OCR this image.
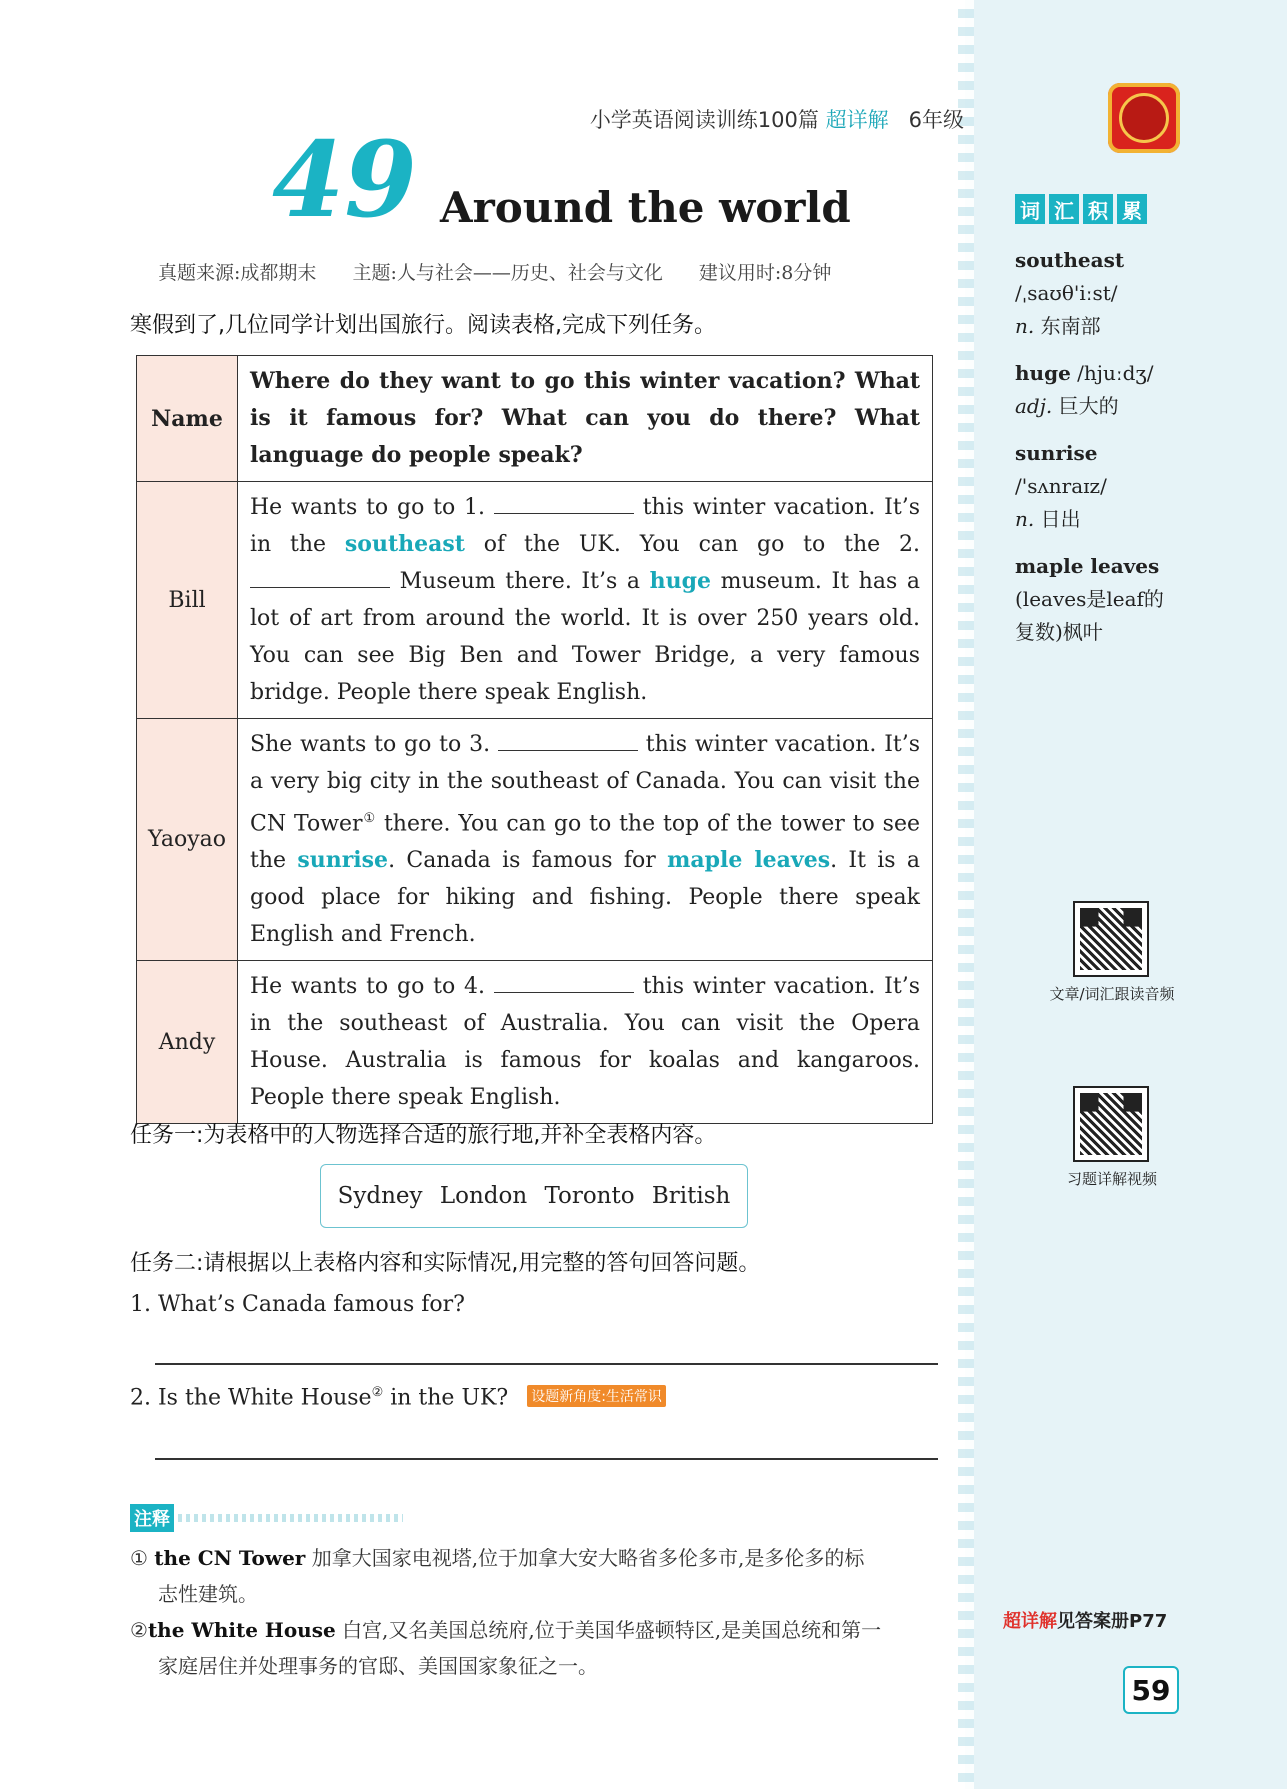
小学英语阅读训练100篇 超详解 6年级
49 Around the world
真题来源:成都期末 主题:人与社会——历史、社会与文化 建议用时:8分钟
寒假到了,几位同学计划出国旅行。阅读表格,完成下列任务。
Name	Where do they want to go this winter vacation? What is it famous for? What can you do there? What language do people speak?
Bill	He wants to go to 1. this winter vacation. It’s in the southeast of the UK. You can go to the 2.  Museum there. It’s a huge museum. It has a lot of art from around the world. It is over 250 years old. You can see Big Ben and Tower Bridge, a very famous bridge. People there speak English.
Yaoyao	She wants to go to 3. this winter vacation. It’s a very big city in the southeast of Canada. You can visit the CN Tower① there. You can go to the top of the tower to see the sunrise. Canada is famous for maple leaves. It is a good place for hiking and fishing. People there speak English and French.
Andy	He wants to go to 4. this winter vacation. It’s in the southeast of Australia. You can visit the Opera House. Australia is famous for koalas and kangaroos. People there speak English.
任务一:为表格中的人物选择合适的旅行地,并补全表格内容。
Sydney London Toronto British
任务二:请根据以上表格内容和实际情况,用完整的答句回答问题。
1. What’s Canada famous for?
2. Is the White House② in the UK? 设题新角度:生活常识
注释
① the CN Tower 加拿大国家电视塔,位于加拿大安大略省多伦多市,是多伦多的标
志性建筑。
②the White House 白宫,又名美国总统府,位于美国华盛顿特区,是美国总统和第一
家庭居住并处理事务的官邸、美国国家象征之一。
词 汇 积 累
southeast
/ˌsaʊθ'iːst/
n. 东南部
huge /hjuːdʒ/
adj. 巨大的
sunrise
/'sʌnraɪz/
n. 日出
maple leaves
(leaves是leaf的
复数)枫叶
文章/词汇跟读音频
习题详解视频
超详解见答案册P77
59
